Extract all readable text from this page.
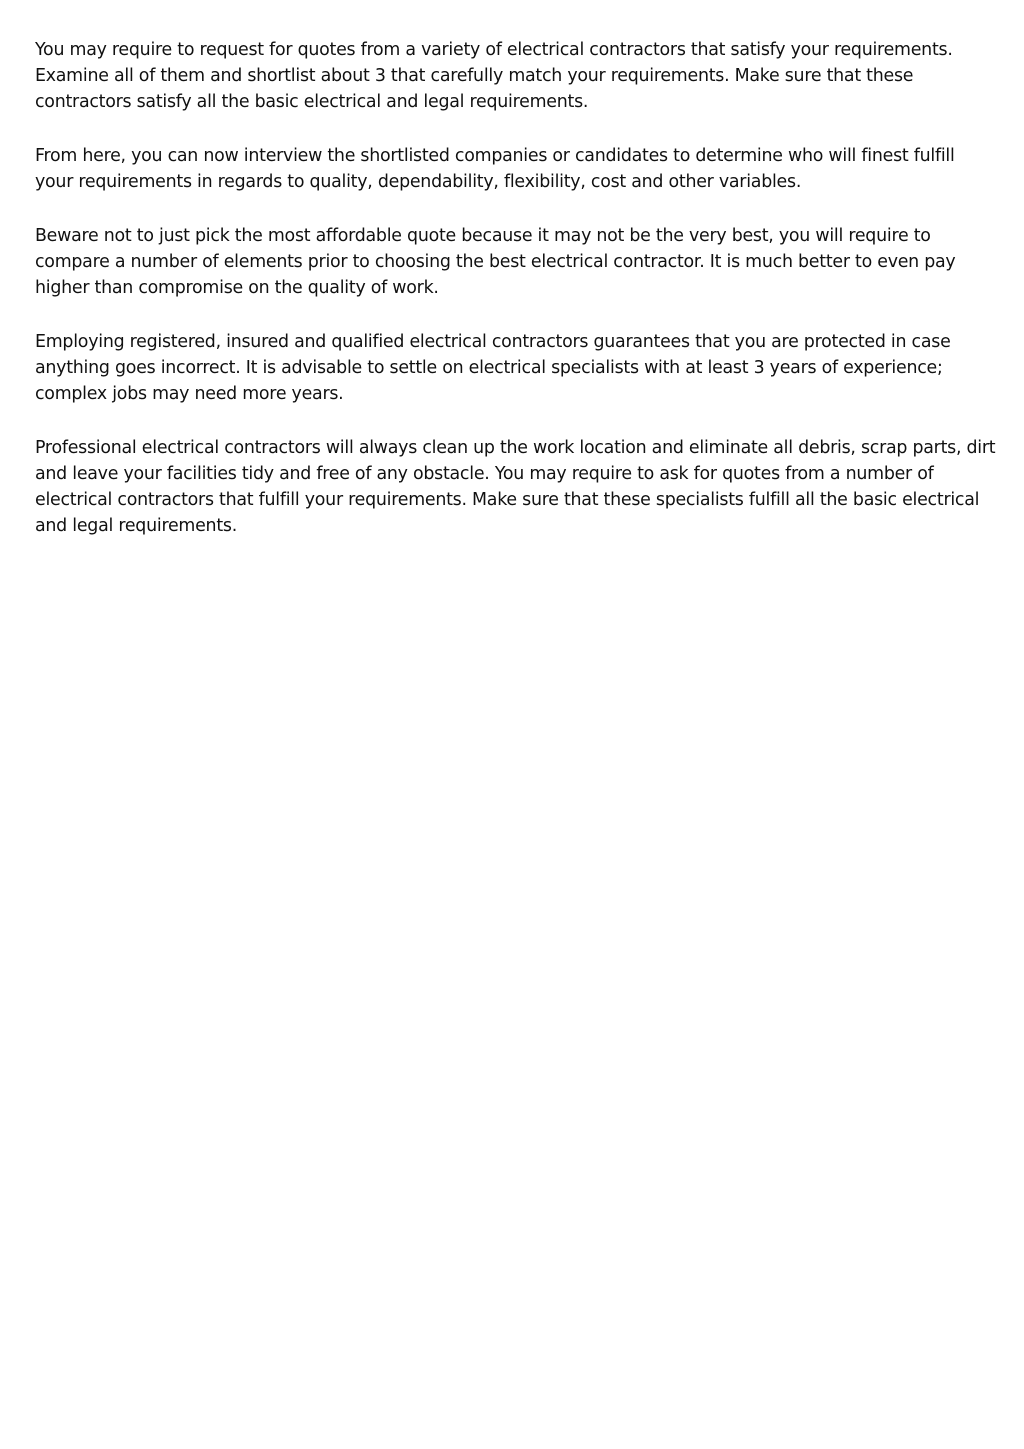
You may require to request for quotes from a variety of electrical contractors that satisfy your requirements. Examine all of them and shortlist about 3 that carefully match your requirements. Make sure that these contractors satisfy all the basic electrical and legal requirements.

From here, you can now interview the shortlisted companies or candidates to determine who will finest fulfill your requirements in regards to quality, dependability, flexibility, cost and other variables.

Beware not to just pick the most affordable quote because it may not be the very best, you will require to compare a number of elements prior to choosing the best electrical contractor. It is much better to even pay higher than compromise on the quality of work.

Employing registered, insured and qualified electrical contractors guarantees that you are protected in case anything goes incorrect. It is advisable to settle on electrical specialists with at least 3 years of experience; complex jobs may need more years.

Professional electrical contractors will always clean up the work location and eliminate all debris, scrap parts, dirt and leave your facilities tidy and free of any obstacle. You may require to ask for quotes from a number of electrical contractors that fulfill your requirements. Make sure that these specialists fulfill all the basic electrical and legal requirements.
